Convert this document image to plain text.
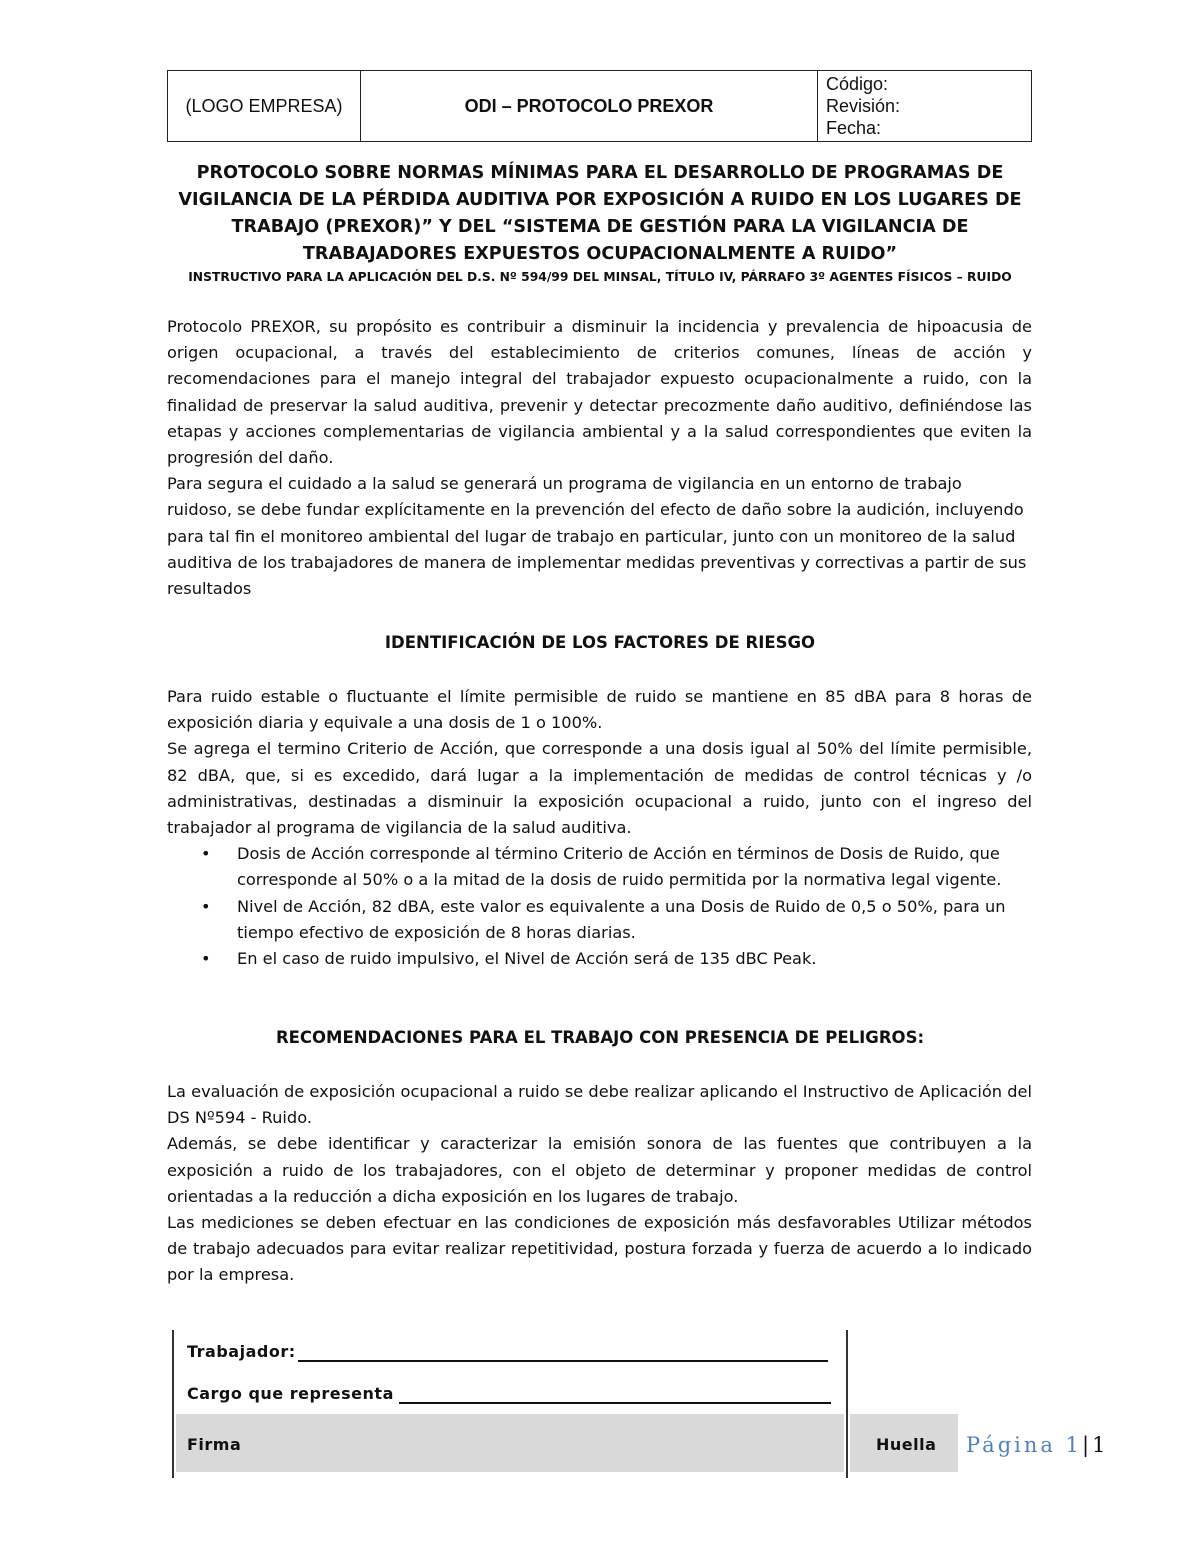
(LOGO EMPRESA)	ODI – PROTOCOLO PREXOR	
Código:
Revisión:
Fecha:
PROTOCOLO SOBRE NORMAS MÍNIMAS PARA EL DESARROLLO DE PROGRAMAS DE VIGILANCIA DE LA PÉRDIDA AUDITIVA POR EXPOSICIÓN A RUIDO EN LOS LUGARES DE TRABAJO (PREXOR)” Y DEL “SISTEMA DE GESTIÓN PARA LA VIGILANCIA DE TRABAJADORES EXPUESTOS OCUPACIONALMENTE A RUIDO”
INSTRUCTIVO PARA LA APLICACIÓN DEL D.S. Nº 594/99 DEL MINSAL, TÍTULO IV, PÁRRAFO 3º AGENTES FÍSICOS – RUIDO

Protocolo PREXOR, su propósito es contribuir a disminuir la incidencia y prevalencia de hipoacusia de origen ocupacional, a través del establecimiento de criterios comunes, líneas de acción y recomendaciones para el manejo integral del trabajador expuesto ocupacionalmente a ruido, con la finalidad de preservar la salud auditiva, prevenir y detectar precozmente daño auditivo, definiéndose las etapas y acciones complementarias de vigilancia ambiental y a la salud correspondientes que eviten la progresión del daño.

Para segura el cuidado a la salud se generará un programa de vigilancia en un entorno de trabajo ruidoso, se debe fundar explícitamente en la prevención del efecto de daño sobre la audición, incluyendo para tal fin el monitoreo ambiental del lugar de trabajo en particular, junto con un monitoreo de la salud auditiva de los trabajadores de manera de implementar medidas preventivas y correctivas a partir de sus resultados

IDENTIFICACIÓN DE LOS FACTORES DE RIESGO

Para ruido estable o fluctuante el límite permisible de ruido se mantiene en 85 dBA para 8 horas de exposición diaria y equivale a una dosis de 1 o 100%.

Se agrega el termino Criterio de Acción, que corresponde a una dosis igual al 50% del límite permisible, 82 dBA, que, si es excedido, dará lugar a la implementación de medidas de control técnicas y /o administrativas, destinadas a disminuir la exposición ocupacional a ruido, junto con el ingreso del trabajador al programa de vigilancia de la salud auditiva.

• Dosis de Acción corresponde al término Criterio de Acción en términos de Dosis de Ruido, que corresponde al 50% o a la mitad de la dosis de ruido permitida por la normativa legal vigente.
• Nivel de Acción, 82 dBA, este valor es equivalente a una Dosis de Ruido de 0,5 o 50%, para un tiempo efectivo de exposición de 8 horas diarias.
• En el caso de ruido impulsivo, el Nivel de Acción será de 135 dBC Peak.
RECOMENDACIONES PARA EL TRABAJO CON PRESENCIA DE PELIGROS:

La evaluación de exposición ocupacional a ruido se debe realizar aplicando el Instructivo de Aplicación del DS Nº594 - Ruido.

Además, se debe identificar y caracterizar la emisión sonora de las fuentes que contribuyen a la exposición a ruido de los trabajadores, con el objeto de determinar y proponer medidas de control orientadas a la reducción a dicha exposición en los lugares de trabajo.

Las mediciones se deben efectuar en las condiciones de exposición más desfavorables Utilizar métodos de trabajo adecuados para evitar realizar repetitividad, postura forzada y fuerza de acuerdo a lo indicado por la empresa.

Trabajador:
Cargo que representa
Firma	Huella Página 1|1
